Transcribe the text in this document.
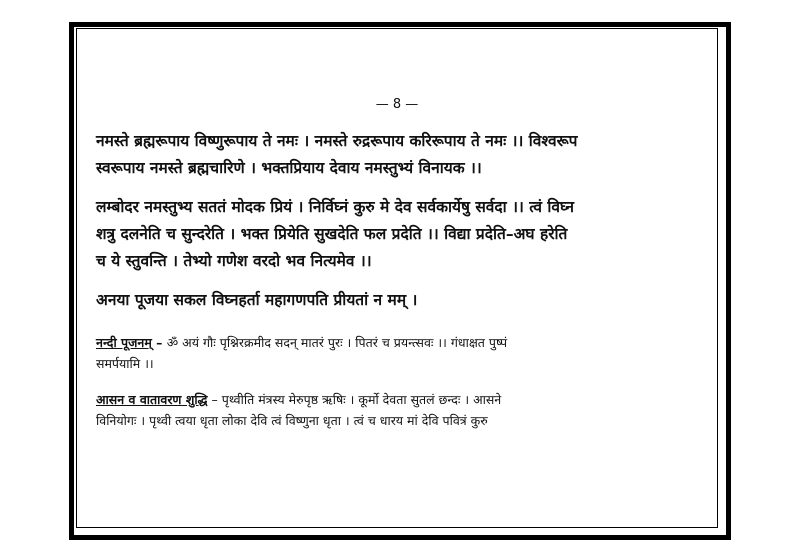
— 8 —
नमस्ते ब्रह्मरूपाय विष्णुरूपाय ते नमः । नमस्ते रुद्ररूपाय करिरूपाय ते नमः ।। विश्वरूप
स्वरूपाय नमस्ते ब्रह्मचारिणे । भक्तप्रियाय देवाय नमस्तुभ्यं विनायक ।।
लम्बोदर नमस्तुभ्य सततं मोदक प्रियं । निर्विघ्नं कुरु मे देव सर्वकार्येषु सर्वदा ।। त्वं विघ्न
शत्रु दलनेति च सुन्दरेति । भक्त प्रियेति सुखदेति फल प्रदेति ।। विद्या प्रदेति–अघ हरेति
च ये स्तुवन्ति । तेभ्यो गणेश वरदो भव नित्यमेव ।।
अनया पूजया सकल विघ्नहर्ता महागणपति प्रीयतां न मम् ।
नन्दी पूजनम् – ॐ अयं गौः पृश्निरक्रमीद सदन् मातरं पुरः । पितरं च प्रयन्त्सवः ।। गंधाक्षत पुष्पं
समर्पयामि ।।
आसन व वातावरण शुद्धि – पृथ्वीति मंत्रस्य मेरुपृष्ठ ऋषिः । कूर्मो देवता सुतलं छन्दः । आसने
विनियोगः । पृथ्वी त्वया धृता लोका देवि त्वं विष्णुना धृता । त्वं च धारय मां देवि पवित्रं कुरु
